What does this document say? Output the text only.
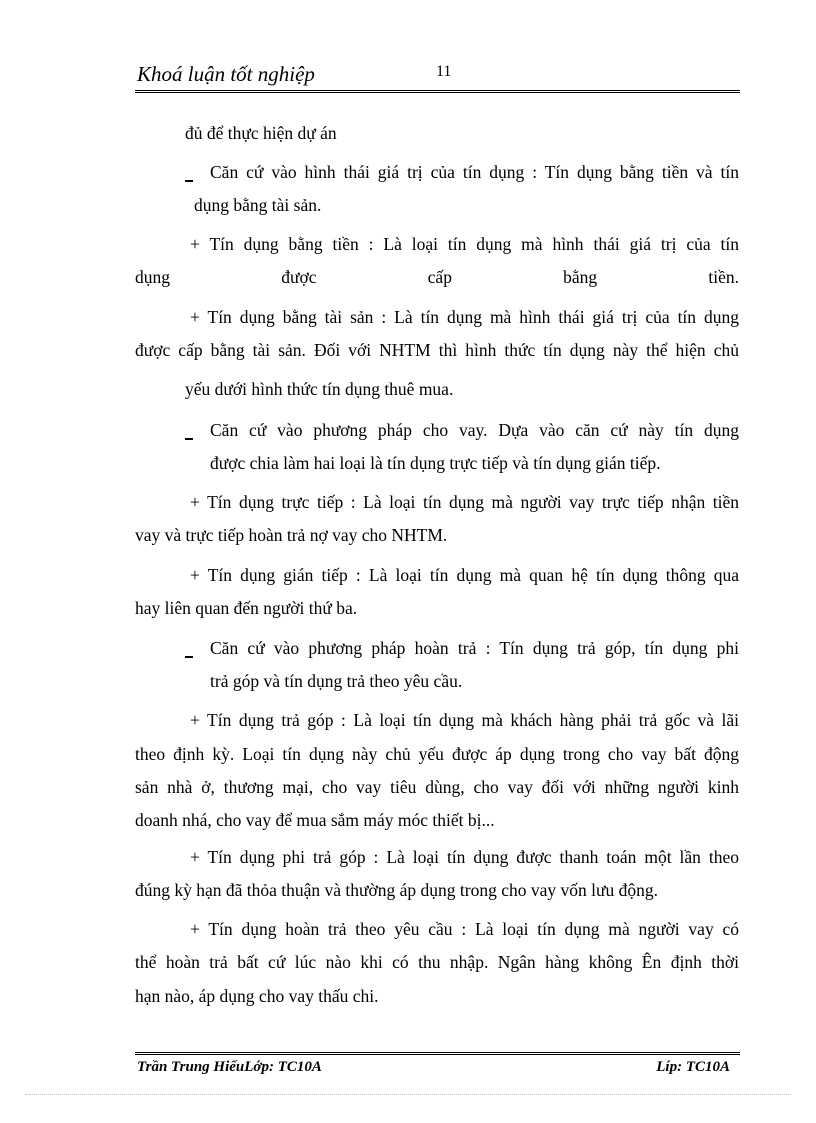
Khoá luận tốt nghiệp	11
đủ để thực hiện dự án
Căn cứ vào hình thái giá trị của tín dụng : Tín dụng bằng tiền và tín
dụng bằng tài sản.
+ Tín dụng bằng tiền : Là loại tín dụng mà hình thái giá trị của tín
dụng được cấp bằng tiền.
+ Tín dụng bằng tài sản : Là tín dụng mà hình thái giá trị của tín dụng
được cấp bằng tài sản. Đối với NHTM thì hình thức tín dụng này thể hiện chủ
yếu dưới hình thức tín dụng thuê mua.
Căn cứ vào phương pháp cho vay. Dựa vào căn cứ này tín dụng
được chia làm hai loại là tín dụng trực tiếp và tín dụng gián tiếp.
+ Tín dụng trực tiếp : Là loại tín dụng mà người vay trực tiếp nhận tiền
vay và trực tiếp hoàn trả nợ vay cho NHTM.
+ Tín dụng gián tiếp : Là loại tín dụng mà quan hệ tín dụng thông qua
hay liên quan đến người thứ ba.
Căn cứ vào phương pháp hoàn trả : Tín dụng trả góp, tín dụng phi
trả góp và tín dụng trả theo yêu cầu.
+ Tín dụng trả góp : Là loại tín dụng mà khách hàng phải trả gốc và lãi
theo định kỳ. Loại tín dụng này chủ yếu được áp dụng trong cho vay bất động
sản nhà ở, thương mại, cho vay tiêu dùng, cho vay đối với những người kinh
doanh nhá, cho vay để mua sắm máy móc thiết bị...
+ Tín dụng phi trả góp : Là loại tín dụng được thanh toán một lần theo
đúng kỳ hạn đã thỏa thuận và thường áp dụng trong cho vay vốn lưu động.
+ Tín dụng hoàn trả theo yêu cầu : Là loại tín dụng mà người vay có
thể hoàn trả bất cứ lúc nào khi có thu nhập. Ngân hàng không Ên định thời
hạn nào, áp dụng cho vay thấu chi.
Trần Trung HiếuLớp: TC10A	Líp: TC10A
